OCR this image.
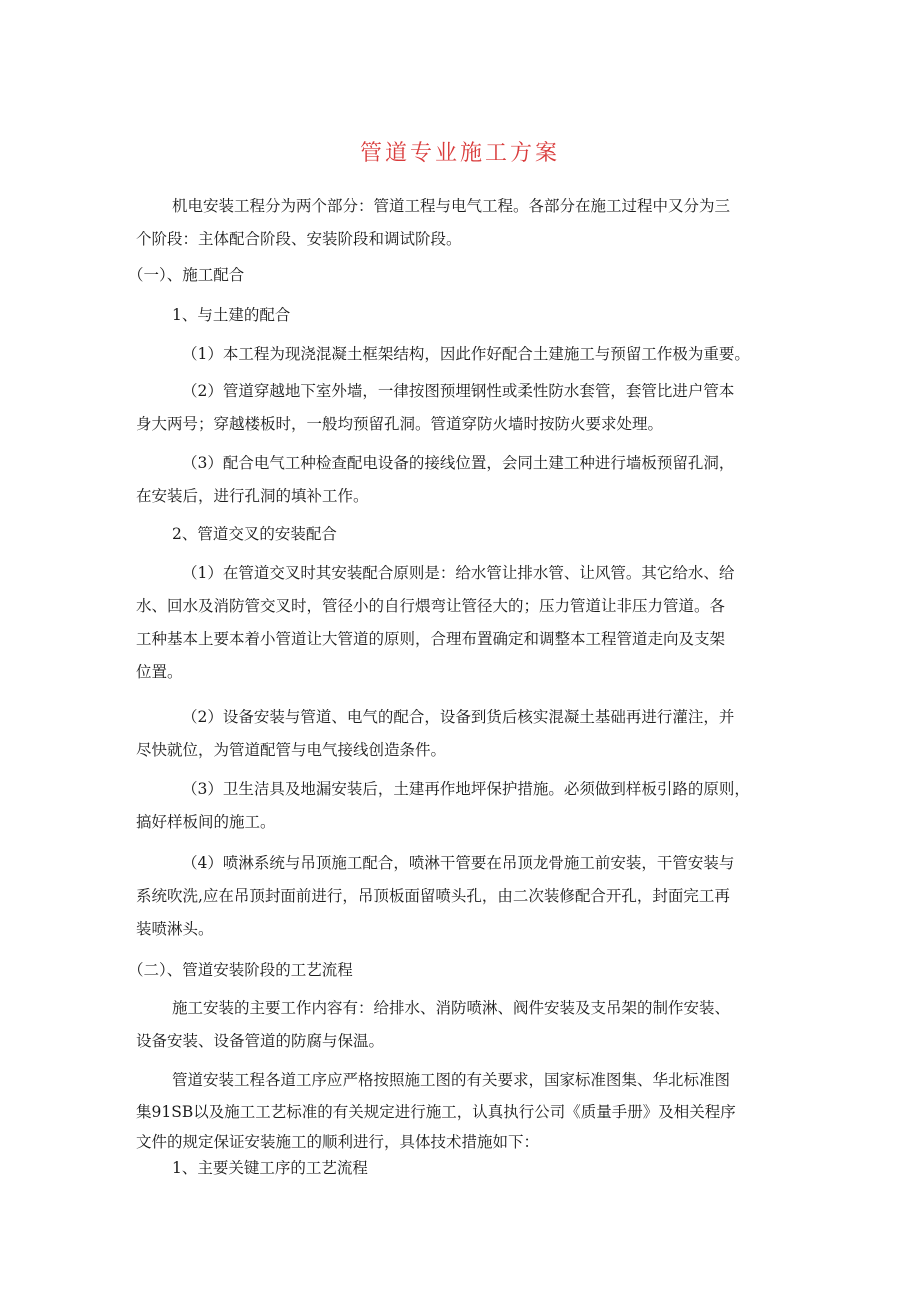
管道专业施工方案
机电安装工程分为两个部分：管道工程与电气工程。各部分在施工过程中又分为三
个阶段：主体配合阶段、安装阶段和调试阶段。
（一）、施工配合
1、与土建的配合
（1）本工程为现浇混凝土框架结构，因此作好配合土建施工与预留工作极为重要。
（2）管道穿越地下室外墙，一律按图预埋钢性或柔性防水套管，套管比进户管本
身大两号；穿越楼板时，一般均预留孔洞。管道穿防火墙时按防火要求处理。
（3）配合电气工种检查配电设备的接线位置，会同土建工种进行墙板预留孔洞，
在安装后，进行孔洞的填补工作。
2、管道交叉的安装配合
（1）在管道交叉时其安装配合原则是：给水管让排水管、让风管。其它给水、给
水、回水及消防管交叉时，管径小的自行煨弯让管径大的；压力管道让非压力管道。各
工种基本上要本着小管道让大管道的原则，合理布置确定和调整本工程管道走向及支架
位置。
（2）设备安装与管道、电气的配合，设备到货后核实混凝土基础再进行灌注，并
尽快就位，为管道配管与电气接线创造条件。
（3）卫生洁具及地漏安装后，土建再作地坪保护措施。必须做到样板引路的原则，
搞好样板间的施工。
（4）喷淋系统与吊顶施工配合，喷淋干管要在吊顶龙骨施工前安装，干管安装与
系统吹洗,应在吊顶封面前进行，吊顶板面留喷头孔，由二次装修配合开孔，封面完工再
装喷淋头。
（二）、管道安装阶段的工艺流程
施工安装的主要工作内容有：给排水、消防喷淋、阀件安装及支吊架的制作安装、
设备安装、设备管道的防腐与保温。
管道安装工程各道工序应严格按照施工图的有关要求，国家标准图集、华北标准图
集91SB以及施工工艺标准的有关规定进行施工，认真执行公司《质量手册》及相关程序
文件的规定保证安装施工的顺利进行，具体技术措施如下：
1、主要关键工序的工艺流程
